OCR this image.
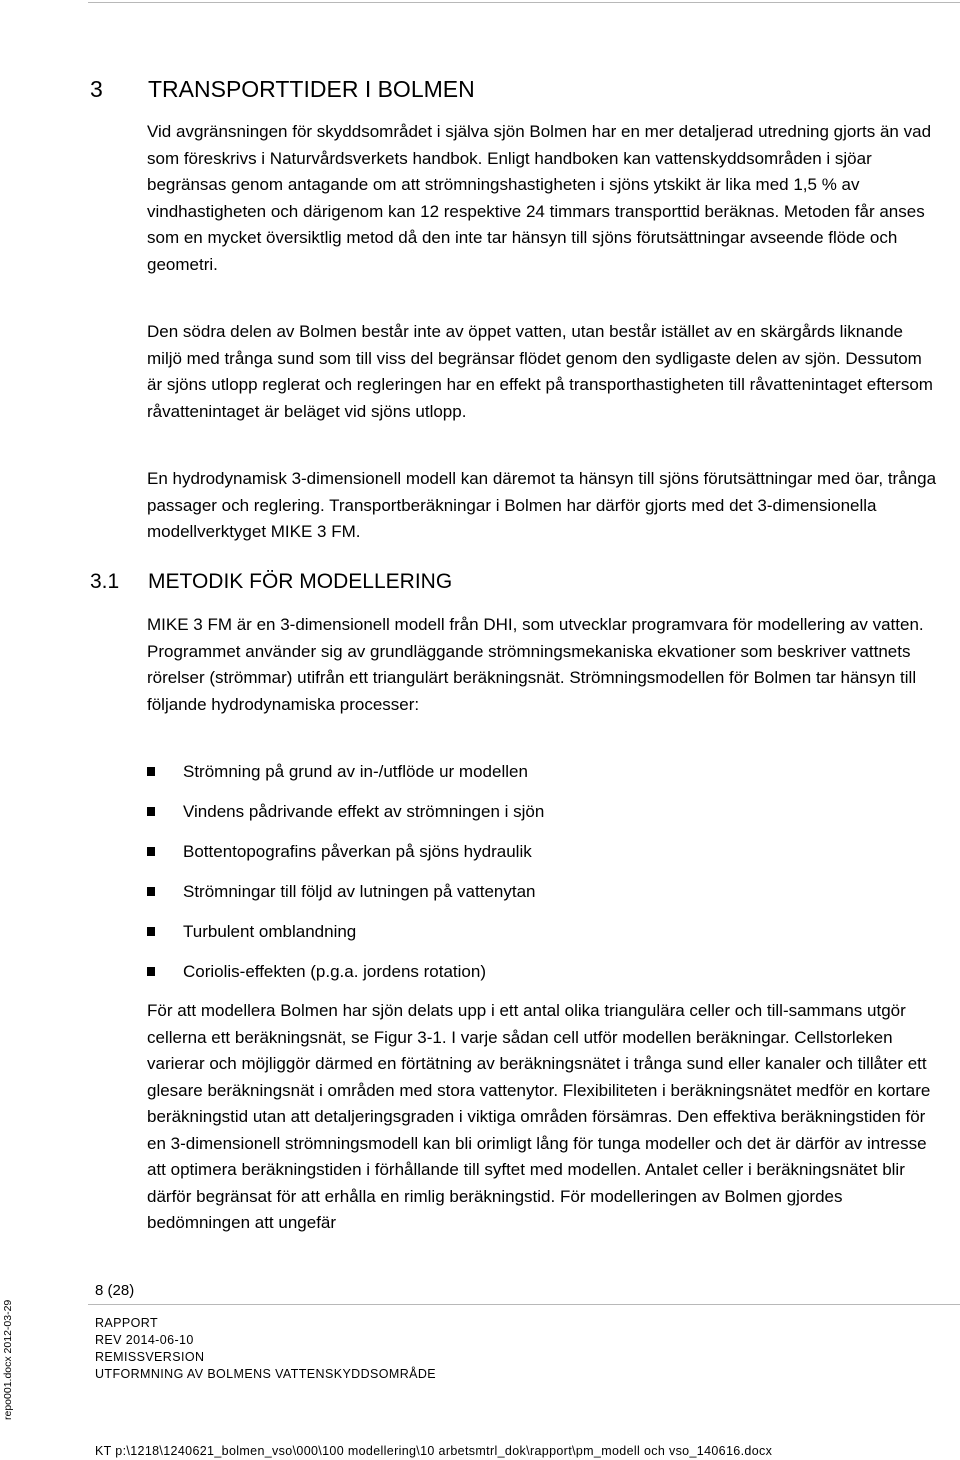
3 TRANSPORTTIDER I BOLMEN

Vid avgränsningen för skyddsområdet i själva sjön Bolmen har en mer detaljerad utredning gjorts än vad som föreskrivs i Naturvårdsverkets handbok. Enligt handboken kan vattenskyddsområden i sjöar begränsas genom antagande om att strömningshastigheten i sjöns ytskikt är lika med 1,5 % av vindhastigheten och därigenom kan 12 respektive 24 timmars transporttid beräknas. Metoden får anses som en mycket översiktlig metod då den inte tar hänsyn till sjöns förutsättningar avseende flöde och geometri.

Den södra delen av Bolmen består inte av öppet vatten, utan består istället av en skärgårds liknande miljö med trånga sund som till viss del begränsar flödet genom den sydligaste delen av sjön. Dessutom är sjöns utlopp reglerat och regleringen har en effekt på transporthastigheten till råvattenintaget eftersom råvattenintaget är beläget vid sjöns utlopp.

En hydrodynamisk 3-dimensionell modell kan däremot ta hänsyn till sjöns förutsättningar med öar, trånga passager och reglering. Transportberäkningar i Bolmen har därför gjorts med det 3-dimensionella modellverktyget MIKE 3 FM.

3.1 METODIK FÖR MODELLERING

MIKE 3 FM är en 3-dimensionell modell från DHI, som utvecklar programvara för modellering av vatten. Programmet använder sig av grundläggande strömningsmekaniska ekvationer som beskriver vattnets rörelser (strömmar) utifrån ett triangulärt beräkningsnät. Strömningsmodellen för Bolmen tar hänsyn till följande hydrodynamiska processer:

Strömning på grund av in-/utflöde ur modellen
Vindens pådrivande effekt av strömningen i sjön
Bottentopografins påverkan på sjöns hydraulik
Strömningar till följd av lutningen på vattenytan
Turbulent omblandning
Coriolis-effekten (p.g.a. jordens rotation)

För att modellera Bolmen har sjön delats upp i ett antal olika triangulära celler och till-sammans utgör cellerna ett beräkningsnät, se Figur 3-1. I varje sådan cell utför modellen beräkningar. Cellstorleken varierar och möjliggör därmed en förtätning av beräkningsnätet i trånga sund eller kanaler och tillåter ett glesare beräkningsnät i områden med stora vattenytor. Flexibiliteten i beräkningsnätet medför en kortare beräkningstid utan att detaljeringsgraden i viktiga områden försämras. Den effektiva beräkningstiden för en 3-dimensionell strömningsmodell kan bli orimligt lång för tunga modeller och det är därför av intresse att optimera beräkningstiden i förhållande till syftet med modellen. Antalet celler i beräkningsnätet blir därför begränsat för att erhålla en rimlig beräkningstid. För modelleringen av Bolmen gjordes bedömningen att ungefär

8 (28)
RAPPORT
REV 2014-06-10
REMISSVERSION
UTFORMNING AV BOLMENS VATTENSKYDDSOMRÅDE
repo001.docx 2012-03-29
KT p:\1218\1240621_bolmen_vso\000\100 modellering\10 arbetsmtrl_dok\rapport\pm_modell och vso_140616.docx
